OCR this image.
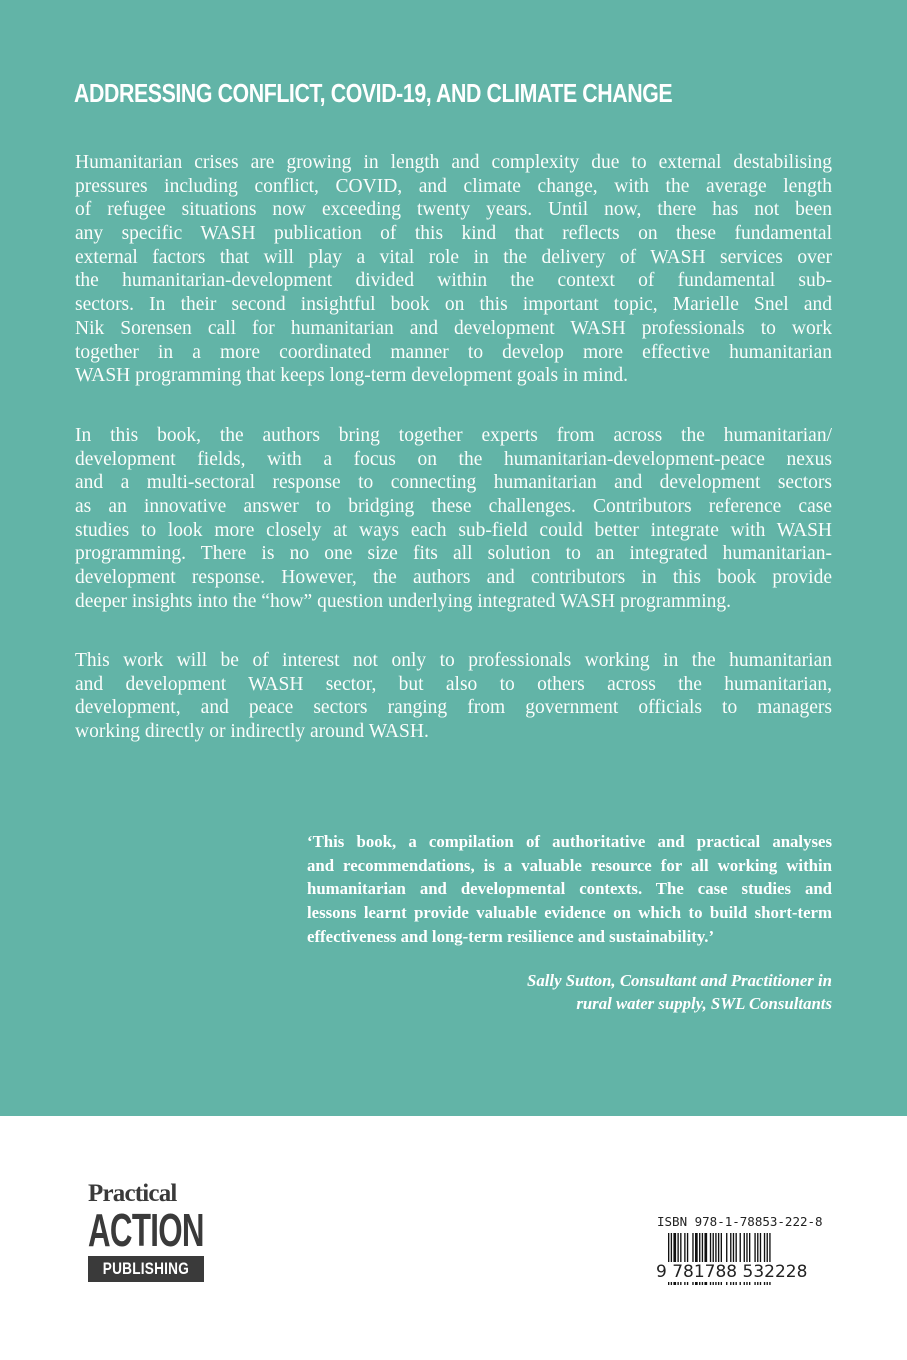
ADDRESSING CONFLICT, COVID-19, AND CLIMATE CHANGE
Humanitarian crises are growing in length and complexity due to external destabilising
pressures including conflict, COVID, and climate change, with the average length
of refugee situations now exceeding twenty years. Until now, there has not been
any specific WASH publication of this kind that reflects on these fundamental
external factors that will play a vital role in the delivery of WASH services over
the humanitarian-development divided within the context of fundamental sub-
sectors. In their second insightful book on this important topic, Marielle Snel and
Nik Sorensen call for humanitarian and development WASH professionals to work
together in a more coordinated manner to develop more effective humanitarian
WASH programming that keeps long-term development goals in mind.
In this book, the authors bring together experts from across the humanitarian/
development fields, with a focus on the humanitarian-development-peace nexus
and a multi-sectoral response to connecting humanitarian and development sectors
as an innovative answer to bridging these challenges. Contributors reference case
studies to look more closely at ways each sub-field could better integrate with WASH
programming. There is no one size fits all solution to an integrated humanitarian-
development response. However, the authors and contributors in this book provide
deeper insights into the “how” question underlying integrated WASH programming.
This work will be of interest not only to professionals working in the humanitarian
and development WASH sector, but also to others across the humanitarian,
development, and peace sectors ranging from government officials to managers
working directly or indirectly around WASH.
‘This book, a compilation of authoritative and practical analyses
and recommendations, is a valuable resource for all working within
humanitarian and developmental contexts. The case studies and
lessons learnt provide valuable evidence on which to build short-term
effectiveness and long-term resilience and sustainability.’
Sally Sutton, Consultant and Practitioner in
rural water supply, SWL Consultants
Practical
ACTION
PUBLISHING
ISBN 978-1-78853-222-8
9 781788 532228
